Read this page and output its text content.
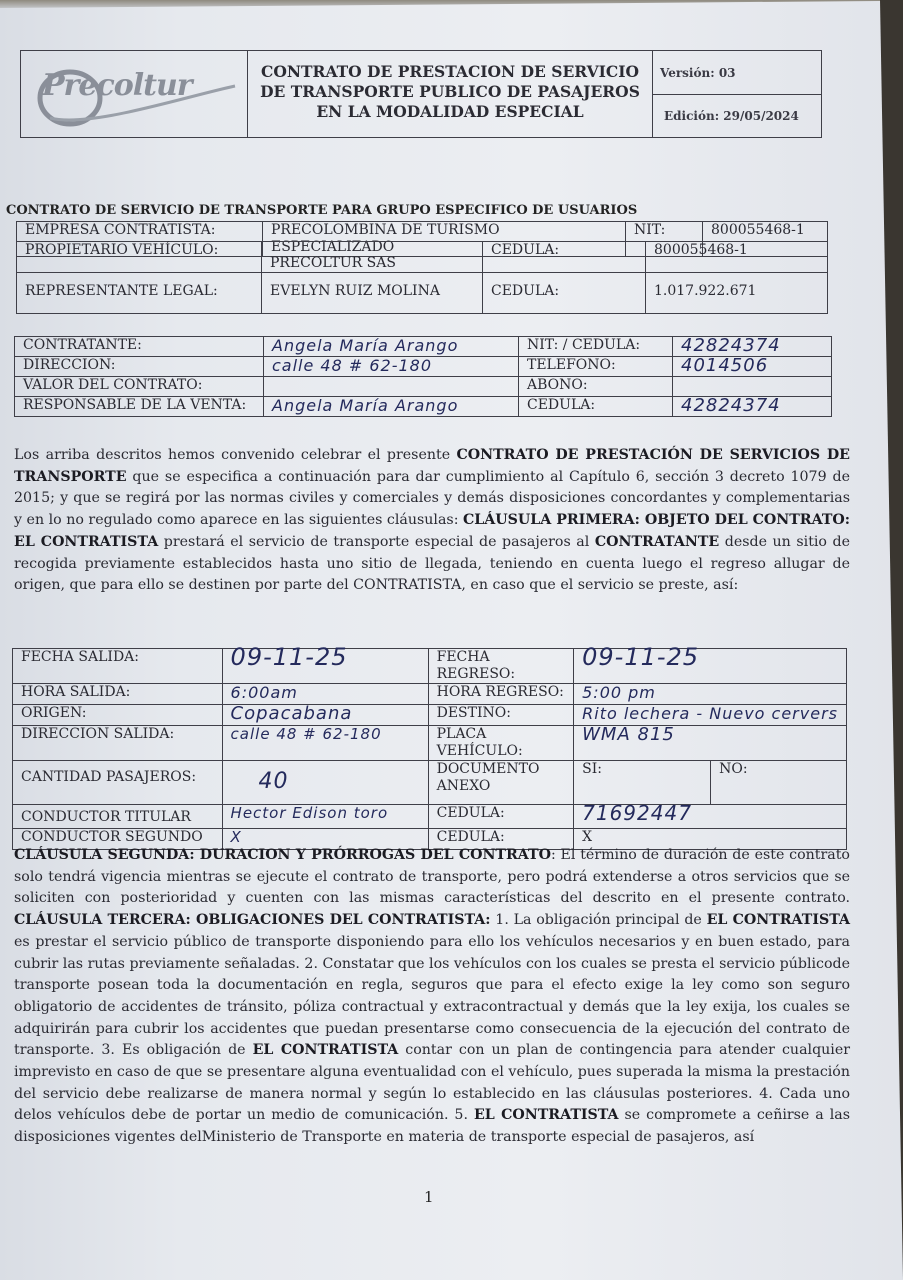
Precoltur	CONTRATO DE PRESTACION DE SERVICIO
DE TRANSPORTE PUBLICO DE PASAJEROS
EN LA MODALIDAD ESPECIAL
Versión: 03
Edición: 29/05/2024
CONTRATO DE SERVICIO DE TRANSPORTE PARA GRUPO ESPECIFICO DE USUARIOS
EMPRESA CONTRATISTA:	PRECOLOMBINA DE TURISMO ESPECIALIZADO	NIT:	800055468-1
PROPIETARIO VEHÍCULO:	PRECOLTUR SAS	CEDULA:	800055468-1
REPRESENTANTE LEGAL:	EVELYN RUIZ MOLINA	CEDULA:	1.017.922.671
CONTRATANTE:	Angela María Arango	NIT: / CEDULA:	42824374
DIRECCION:	calle 48 # 62-180	TELEFONO:	4014506
VALOR DEL CONTRATO:		ABONO:	
RESPONSABLE DE LA VENTA:	Angela María Arango	CEDULA:	42824374
Los arriba descritos hemos convenido celebrar el presente CONTRATO DE PRESTACIÓN DE SERVICIOS DE TRANSPORTE que se especifica a continuación para dar cumplimiento al Capítulo 6, sección 3 decreto 1079 de 2015; y que se regirá por las normas civiles y comerciales y demás disposiciones concordantes y complementarias y en lo no regulado como aparece en las siguientes cláusulas: CLÁUSULA PRIMERA: OBJETO DEL CONTRATO: EL CONTRATISTA prestará el servicio de transporte especial de pasajeros al CONTRATANTE desde un sitio de recogida previamente establecidos hasta uno sitio de llegada, teniendo en cuenta luego el regreso allugar de origen, que para ello se destinen por parte del CONTRATISTA, en caso que el servicio se preste, así:
FECHA SALIDA:	09-11-25	FECHA REGRESO:	09-11-25	
HORA SALIDA:	6:00am	HORA REGRESO:	5:00 pm	
ORIGEN:	Copacabana	DESTINO:	Rito lechera - Nuevo cervers	
DIRECCION SALIDA:	calle 48 # 62-180	PLACA VEHÍCULO:	WMA 815	
CANTIDAD PASAJEROS:	40	DOCUMENTO ANEXO	SI:	NO:
CONDUCTOR TITULAR	Hector Edison toro	CEDULA:	71692447	
CONDUCTOR SEGUNDO	X	CEDULA:	X	
CLÁUSULA SEGUNDA: DURACION Y PRÓRROGAS DEL CONTRATO: El término de duración de este contrato solo tendrá vigencia mientras se ejecute el contrato de transporte, pero podrá extenderse a otros servicios que se soliciten con posterioridad y cuenten con las mismas características del descrito en el presente contrato. CLÁUSULA TERCERA: OBLIGACIONES DEL CONTRATISTA: 1. La obligación principal de EL CONTRATISTA es prestar el servicio público de transporte disponiendo para ello los vehículos necesarios y en buen estado, para cubrir las rutas previamente señaladas. 2. Constatar que los vehículos con los cuales se presta el servicio públicode transporte posean toda la documentación en regla, seguros que para el efecto exige la ley como son seguro obligatorio de accidentes de tránsito, póliza contractual y extracontractual y demás que la ley exija, los cuales se adquirirán para cubrir los accidentes que puedan presentarse como consecuencia de la ejecución del contrato de transporte. 3. Es obligación de EL CONTRATISTA contar con un plan de contingencia para atender cualquier imprevisto en caso de que se presentare alguna eventualidad con el vehículo, pues superada la misma la prestación del servicio debe realizarse de manera normal y según lo establecido en las cláusulas posteriores. 4. Cada uno delos vehículos debe de portar un medio de comunicación. 5. EL CONTRATISTA se compromete a ceñirse a las disposiciones vigentes delMinisterio de Transporte en materia de transporte especial de pasajeros, así
1
